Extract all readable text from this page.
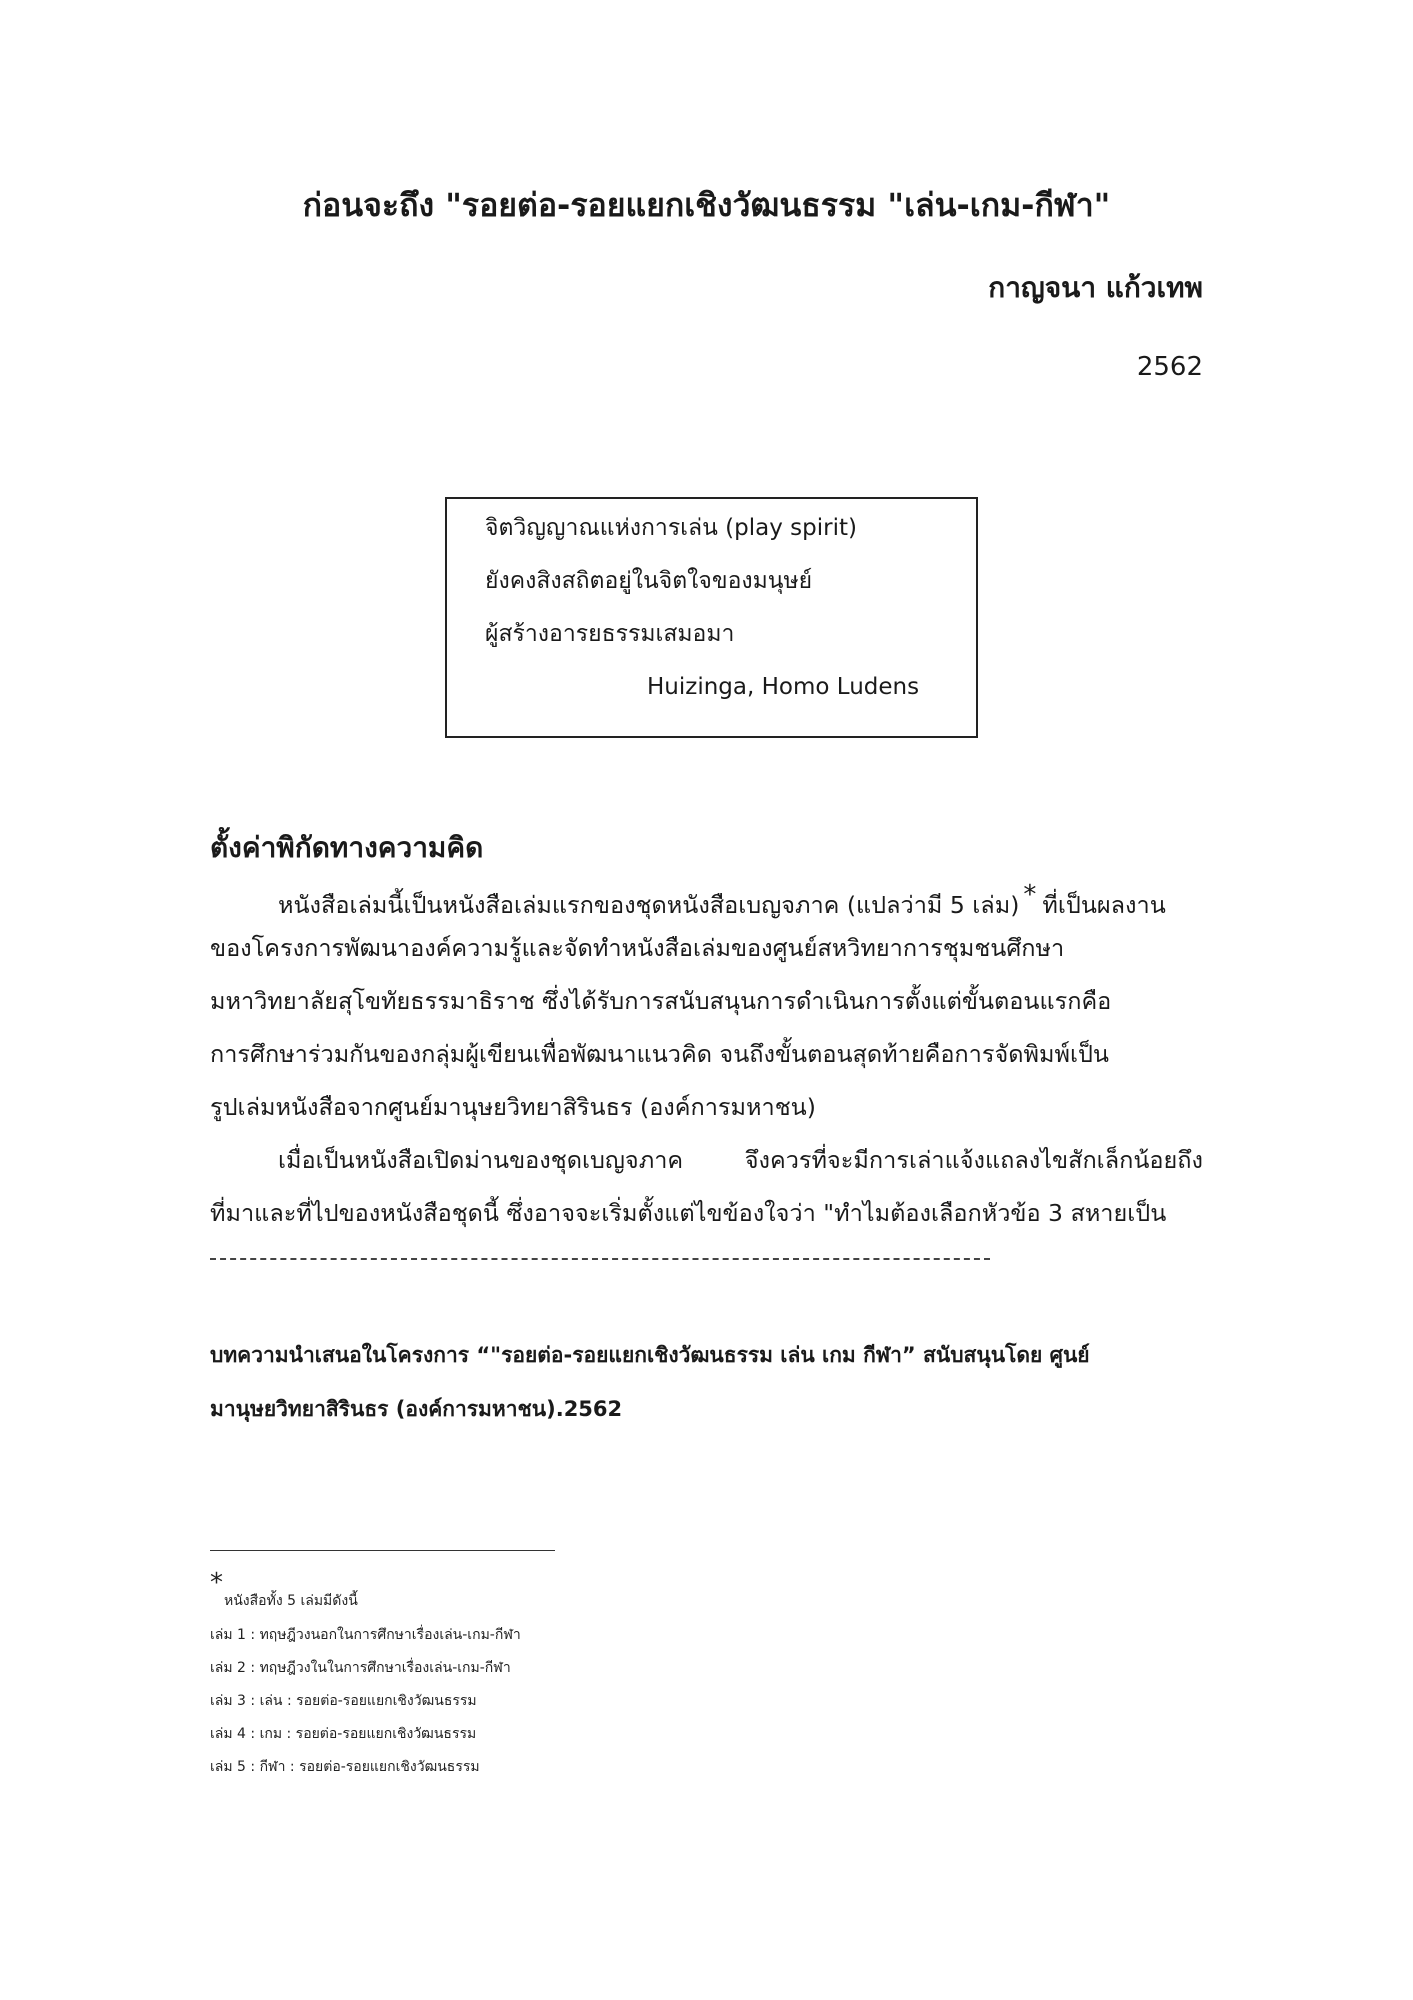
ก่อนจะถึง "รอยต่อ-รอยแยกเชิงวัฒนธรรม "เล่น-เกม-กีฬา"
กาญจนา แก้วเทพ
2562
จิตวิญญาณแห่งการเล่น (play spirit)
ยังคงสิงสถิตอยู่ในจิตใจของมนุษย์
ผู้สร้างอารยธรรมเสมอมา
Huizinga, Homo Ludens
ตั้งค่าพิกัดทางความคิด
หนังสือเล่มนี้เป็นหนังสือเล่มแรกของชุดหนังสือเบญจภาค (แปลว่ามี 5 เล่ม) * ที่เป็นผลงาน
ของโครงการพัฒนาองค์ความรู้และจัดทำหนังสือเล่มของศูนย์สหวิทยาการชุมชนศึกษา
มหาวิทยาลัยสุโขทัยธรรมาธิราช ซึ่งได้รับการสนับสนุนการดำเนินการตั้งแต่ขั้นตอนแรกคือ
การศึกษาร่วมกันของกลุ่มผู้เขียนเพื่อพัฒนาแนวคิด จนถึงขั้นตอนสุดท้ายคือการจัดพิมพ์เป็น
รูปเล่มหนังสือจากศูนย์มานุษยวิทยาสิรินธร (องค์การมหาชน)
เมื่อเป็นหนังสือเปิดม่านของชุดเบญจภาค	จึงควรที่จะมีการเล่าแจ้งแถลงไขสักเล็กน้อยถึง
ที่มาและที่ไปของหนังสือชุดนี้ ซึ่งอาจจะเริ่มตั้งแต่ไขข้องใจว่า "ทำไมต้องเลือกหัวข้อ 3 สหายเป็น
บทความนำเสนอในโครงการ “"รอยต่อ-รอยแยกเชิงวัฒนธรรม เล่น เกม กีฬา” สนับสนุนโดย ศูนย์
มานุษยวิทยาสิรินธร (องค์การมหาชน).2562
*
หนังสือทั้ง 5 เล่มมีดังนี้
เล่ม 1 : ทฤษฎีวงนอกในการศึกษาเรื่องเล่น-เกม-กีฬา
เล่ม 2 : ทฤษฎีวงในในการศึกษาเรื่องเล่น-เกม-กีฬา
เล่ม 3 : เล่น : รอยต่อ-รอยแยกเชิงวัฒนธรรม
เล่ม 4 : เกม : รอยต่อ-รอยแยกเชิงวัฒนธรรม
เล่ม 5 : กีฬา : รอยต่อ-รอยแยกเชิงวัฒนธรรม
